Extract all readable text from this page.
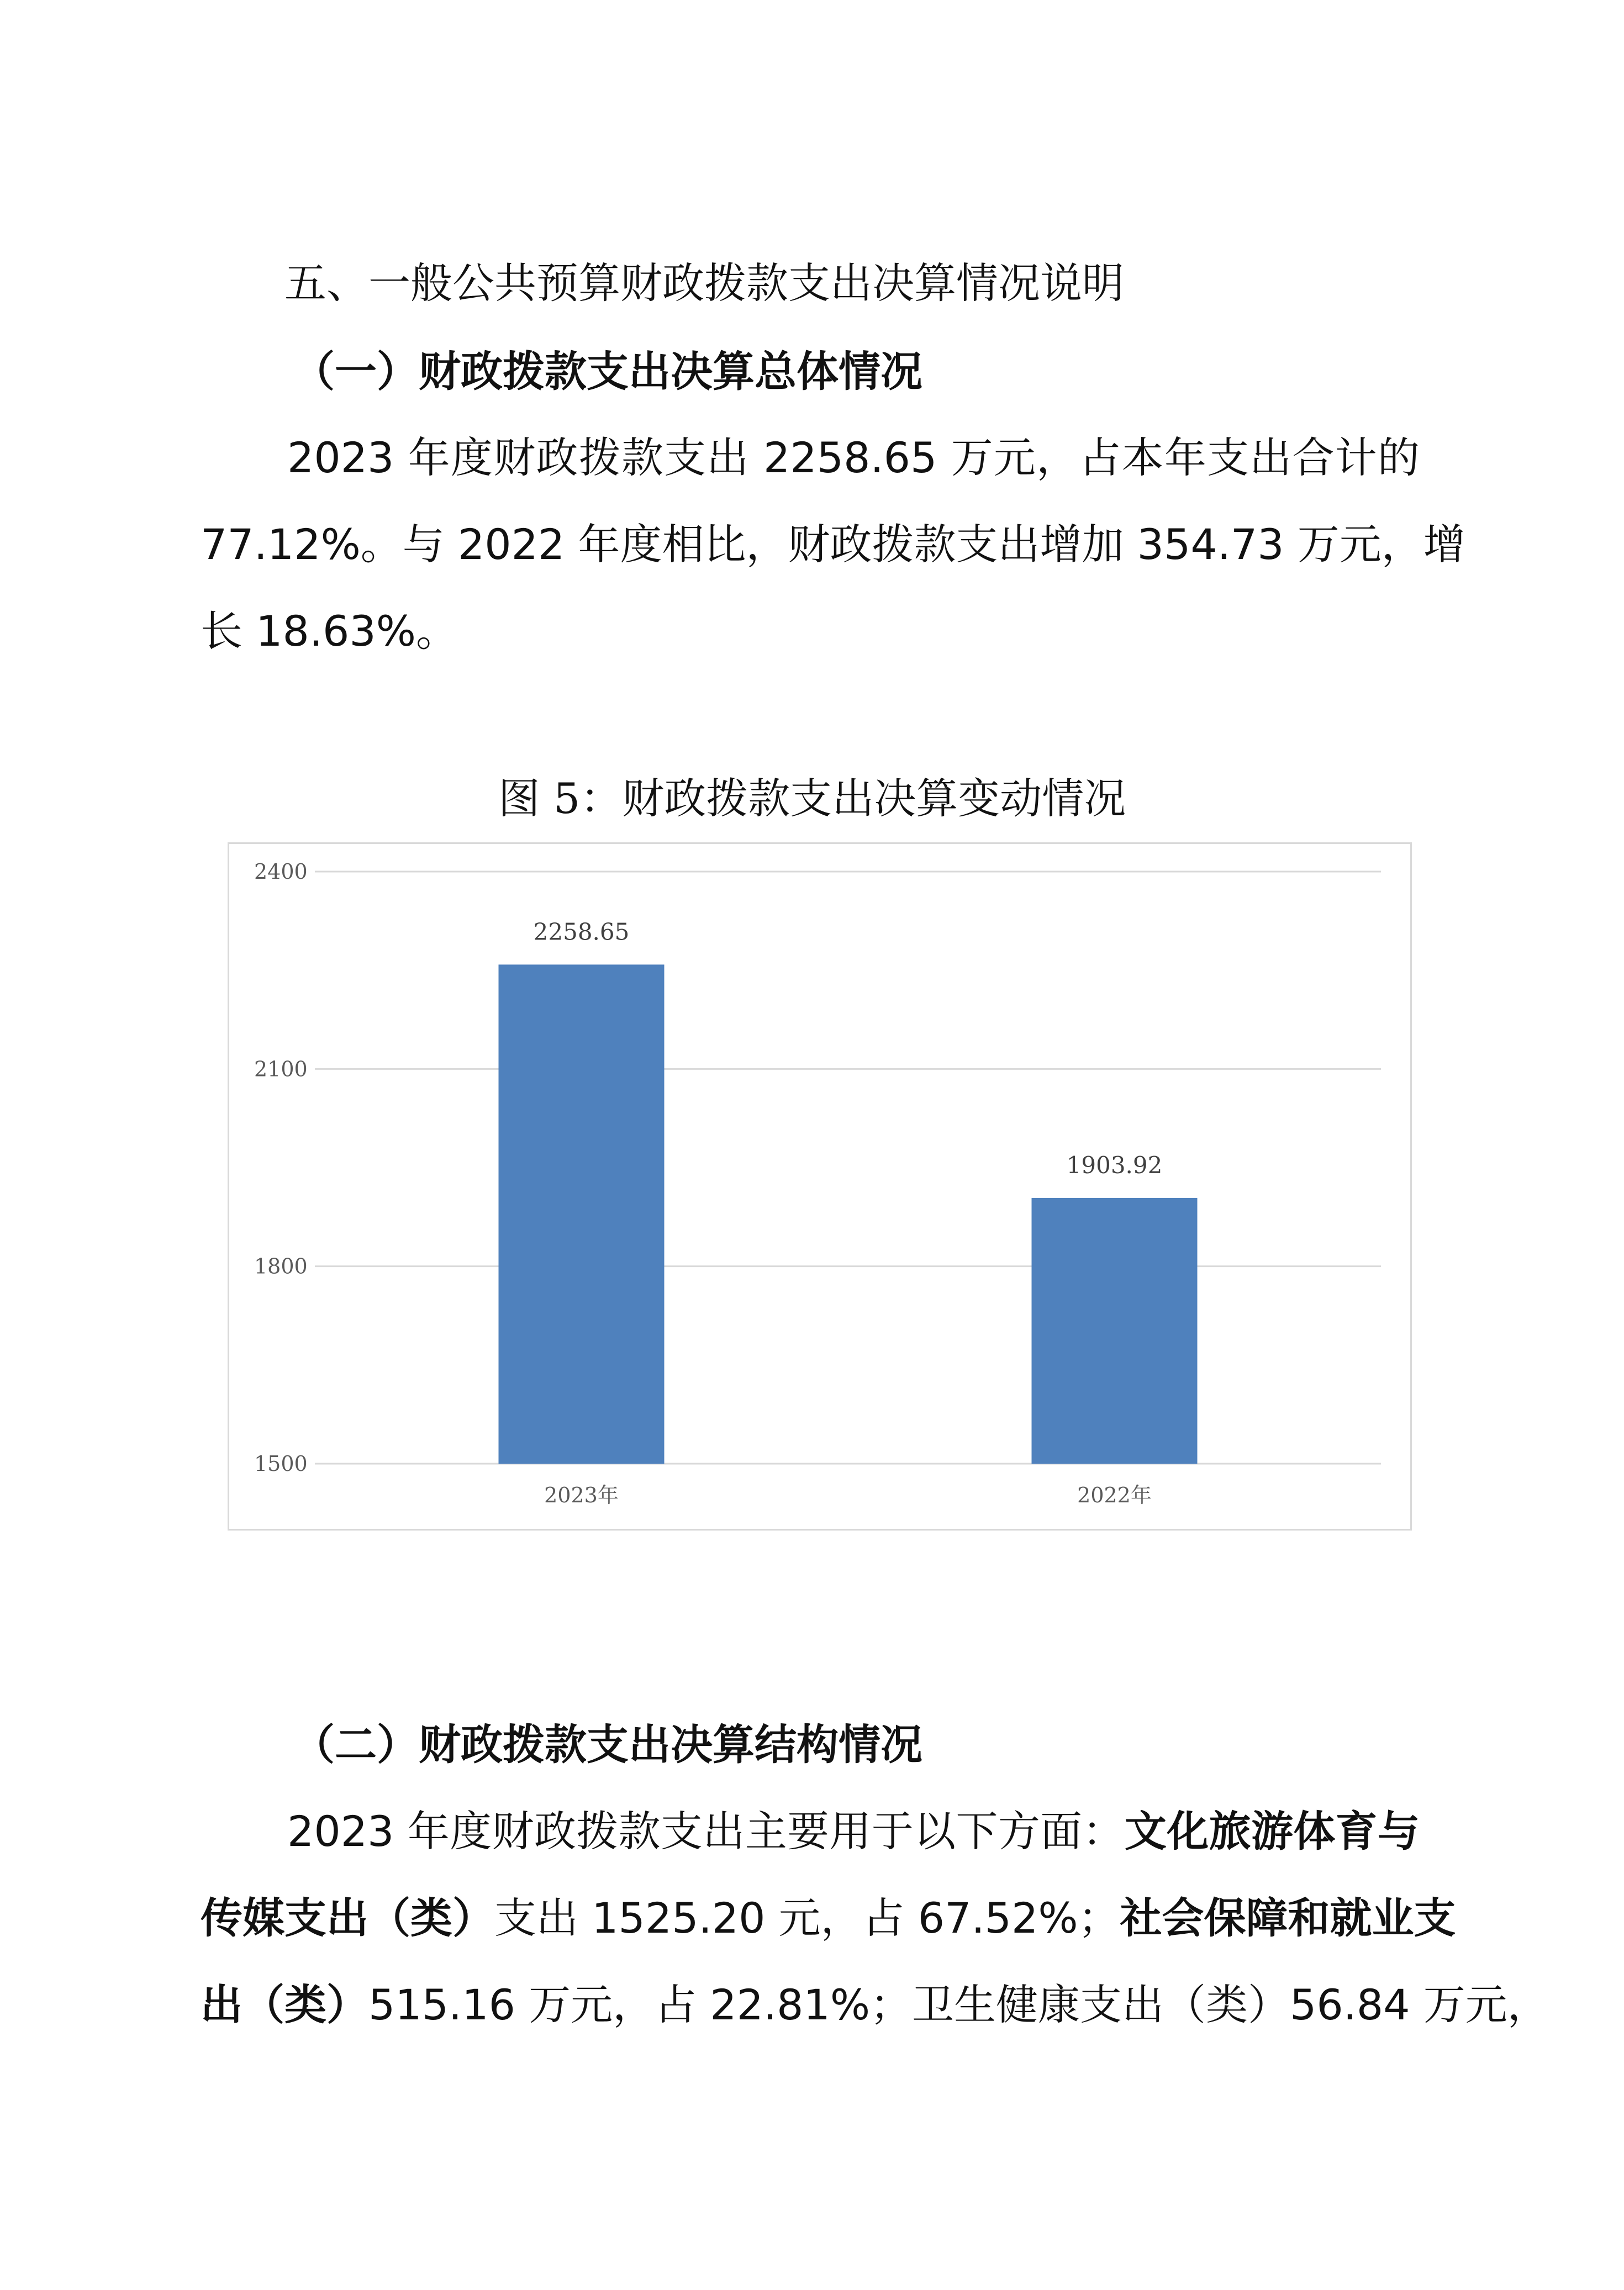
五、一般公共预算财政拨款支出决算情况说明

（一）财政拨款支出决算总体情况

2023 年度财政拨款支出 2258.65 万元，占本年支出合计的

77.12%。与 2022 年度相比，财政拨款支出增加 354.73 万元，增

长 18.63%。

图 5：财政拨款支出决算变动情况
1500
1800
2100
2400
2258.65
2023年
1903.92
2022年

（二）财政拨款支出决算结构情况

2023 年度财政拨款支出主要用于以下方面：文化旅游体育与

传媒支出（类）支出 1525.20 元，占 67.52%；社会保障和就业支

出（类）515.16 万元，占 22.81%；卫生健康支出（类）56.84 万元，
